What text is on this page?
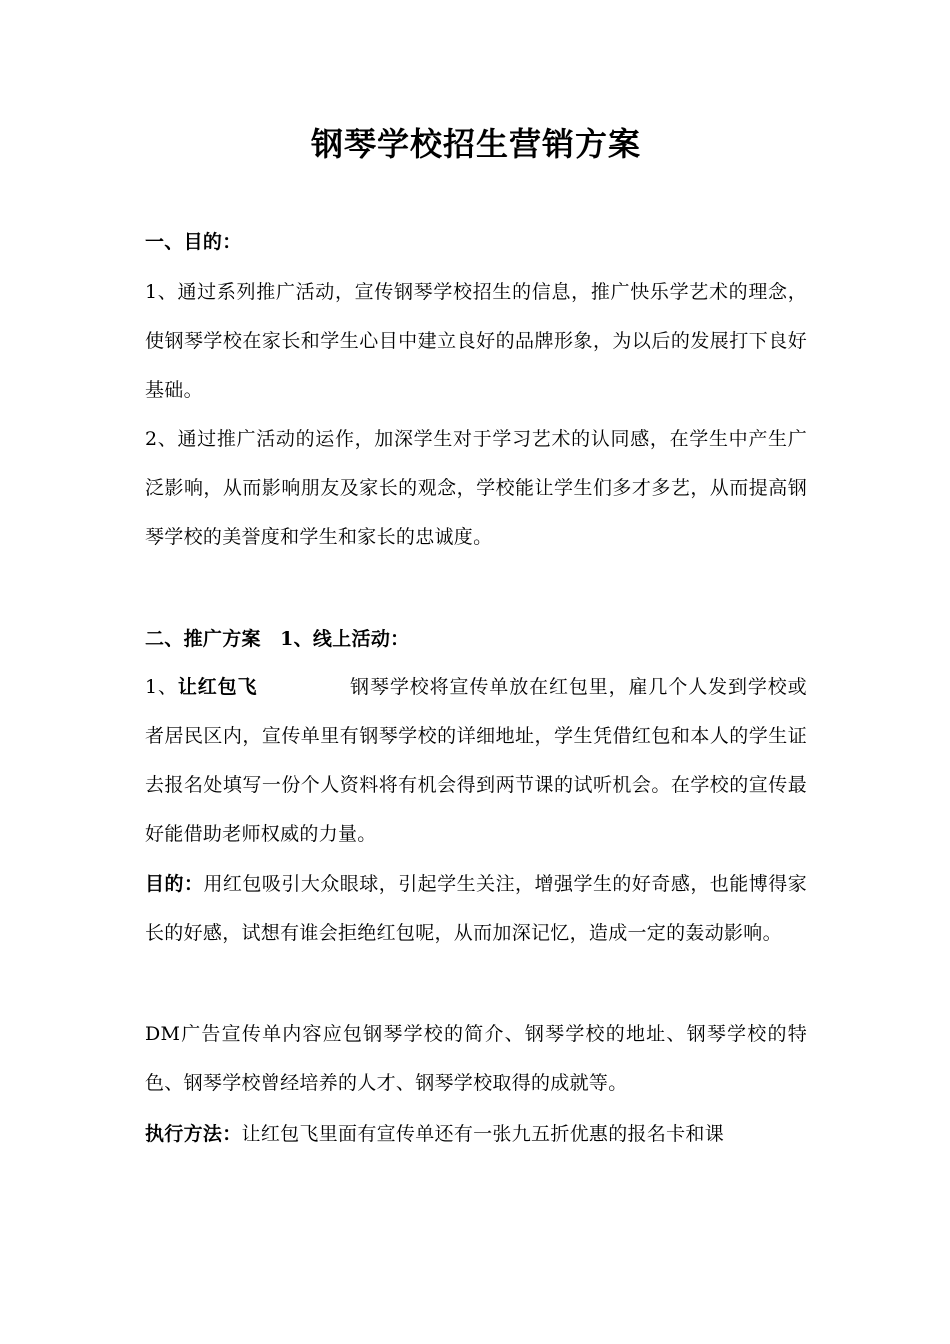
钢琴学校招生营销方案
一、目的：
1、通过系列推广活动，宣传钢琴学校招生的信息，推广快乐学艺术的理念，使钢琴学校在家长和学生心目中建立良好的品牌形象，为以后的发展打下良好基础。
2、通过推广活动的运作，加深学生对于学习艺术的认同感，在学生中产生广泛影响，从而影响朋友及家长的观念，学校能让学生们多才多艺，从而提高钢琴学校的美誉度和学生和家长的忠诚度。
二、推广方案　1、线上活动：
1、让红包飞	钢琴学校将宣传单放在红包里，雇几个人发到学校或者居民区内，宣传单里有钢琴学校的详细地址，学生凭借红包和本人的学生证去报名处填写一份个人资料将有机会得到两节课的试听机会。在学校的宣传最好能借助老师权威的力量。
目的：用红包吸引大众眼球，引起学生关注，增强学生的好奇感，也能博得家长的好感，试想有谁会拒绝红包呢，从而加深记忆，造成一定的轰动影响。
DM广告宣传单内容应包钢琴学校的简介、钢琴学校的地址、钢琴学校的特色、钢琴学校曾经培养的人才、钢琴学校取得的成就等。
执行方法：让红包飞里面有宣传单还有一张九五折优惠的报名卡和课
